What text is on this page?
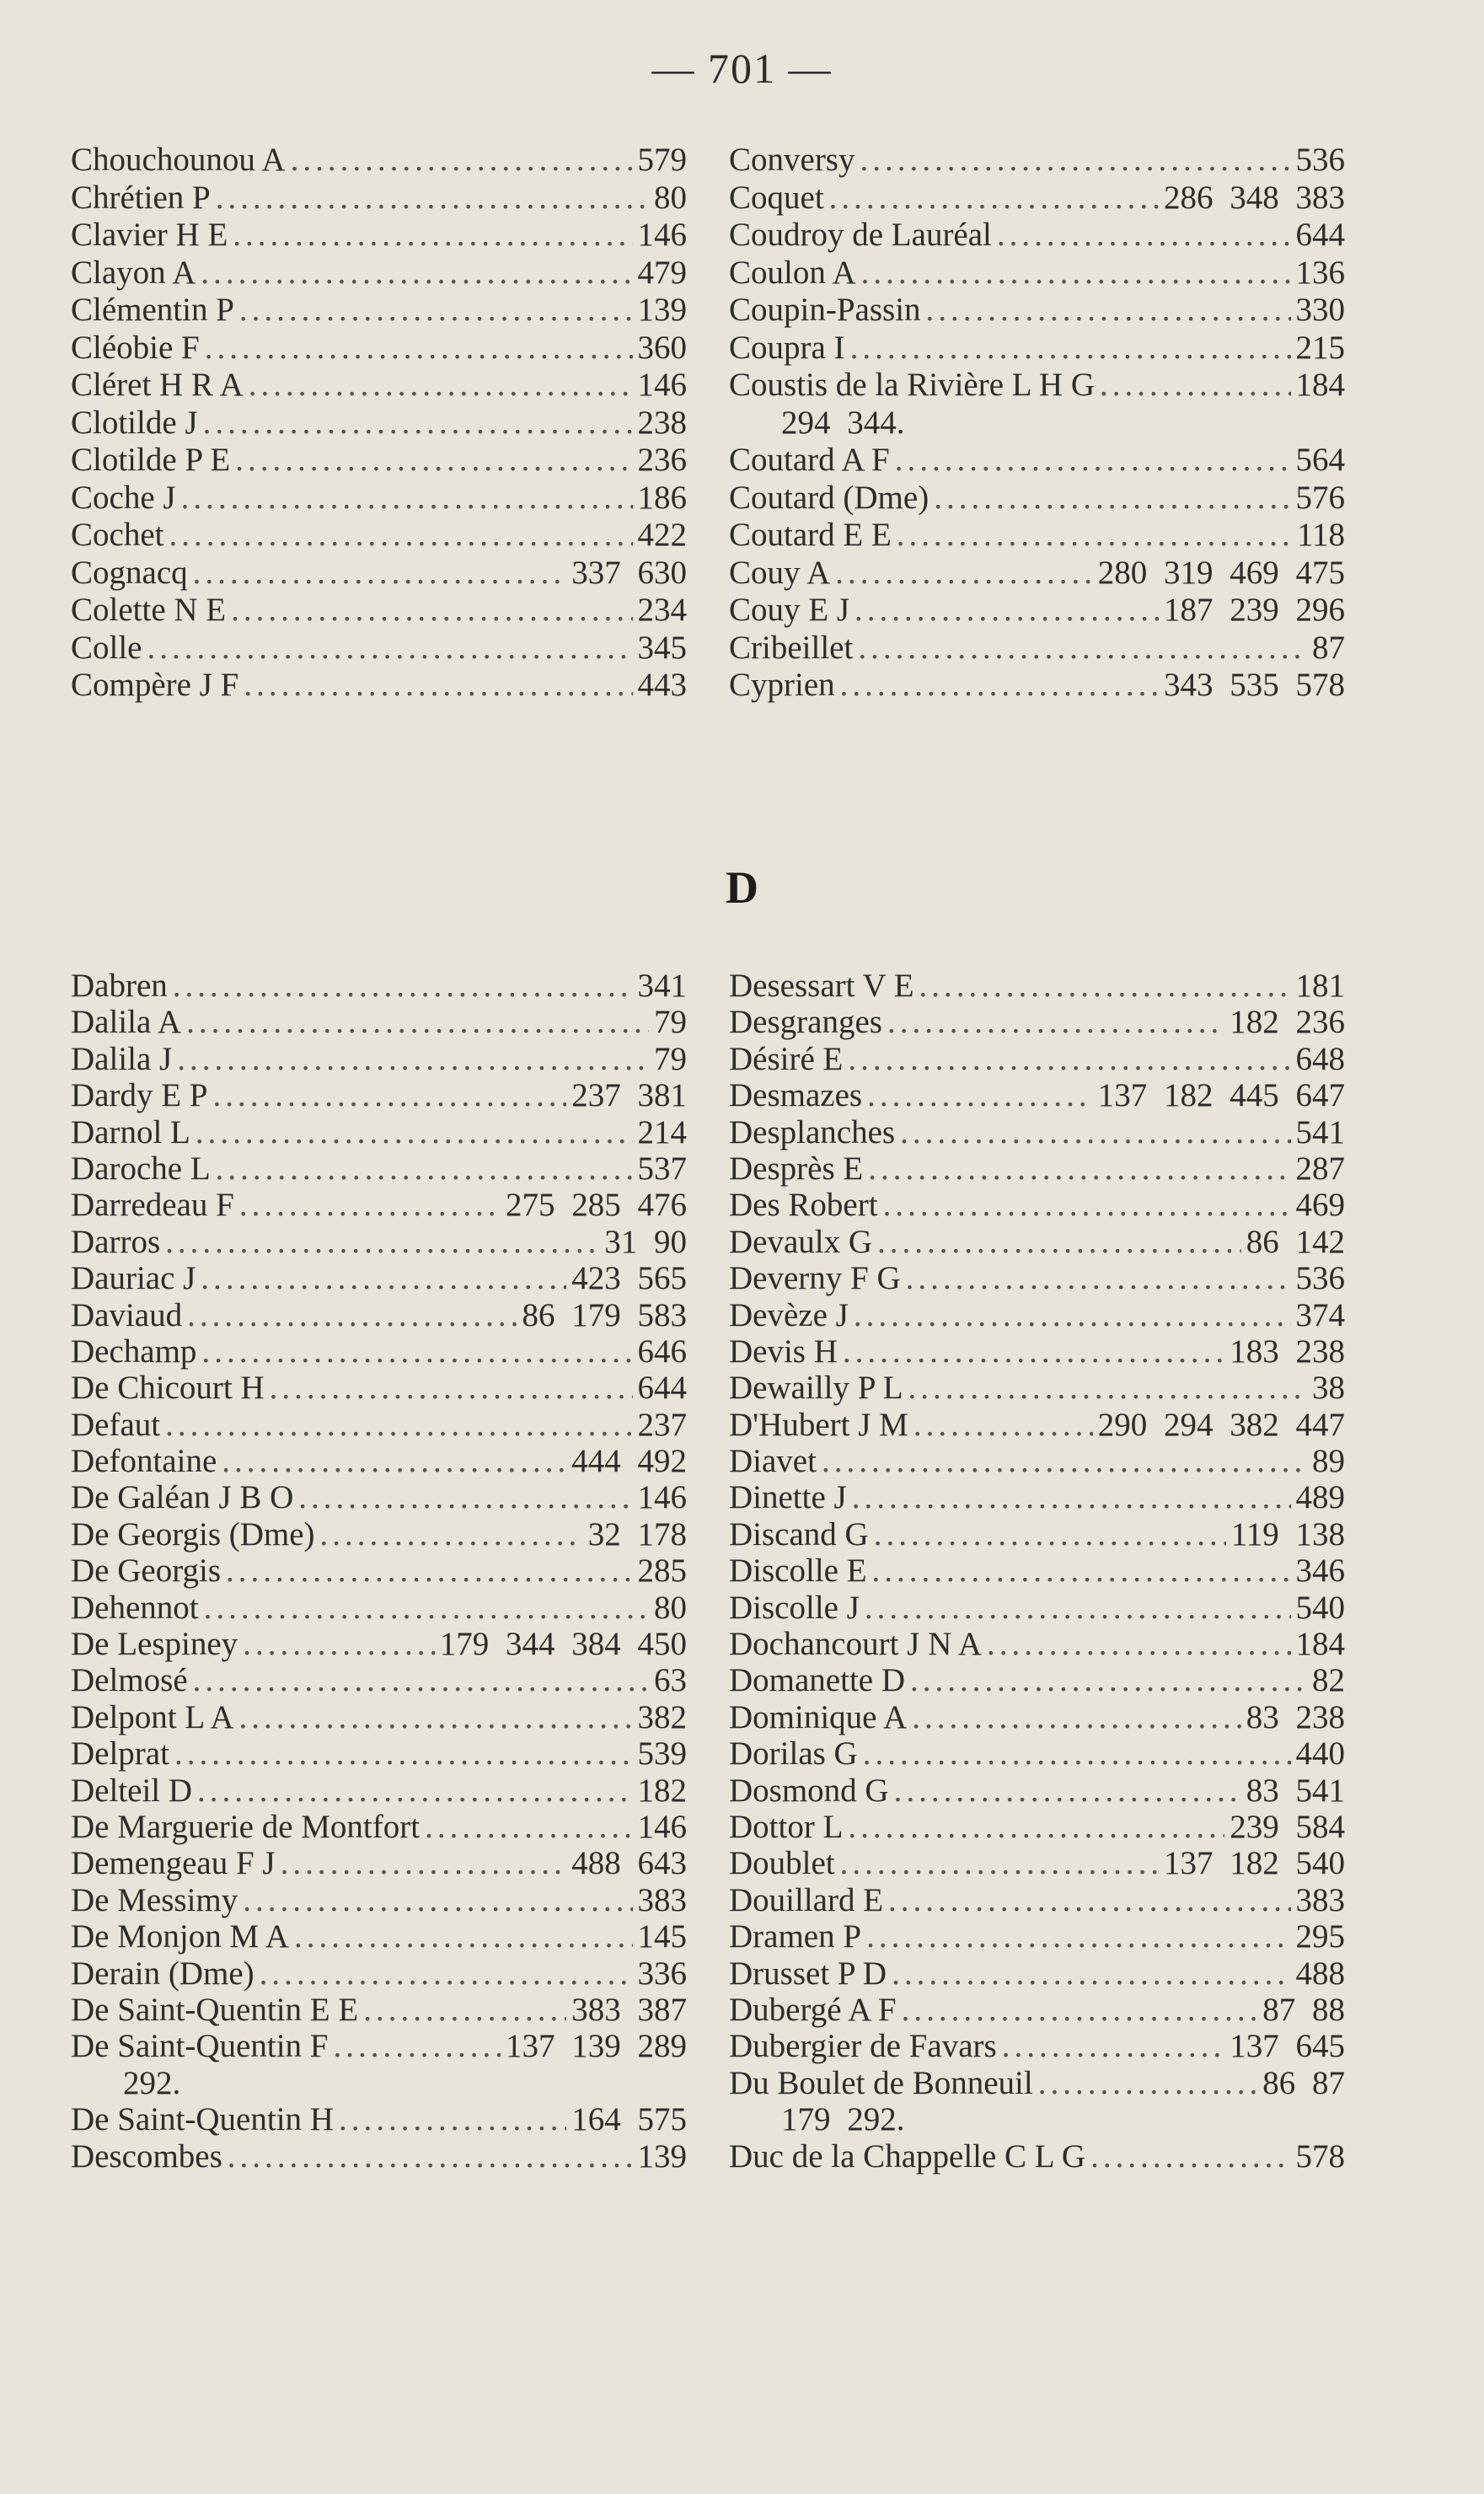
— 701 —
Chouchounou A .....	579
Chrétien P .....	80
Clavier H E .....	146
Clayon A .....	479
Clémentin P .....	139
Cléobie F .....	360
Cléret H R A .....	146
Clotilde J .....	238
Clotilde P E .....	236
Coche J .....	186
Cochet .....	422
Cognacq .....	337 630
Colette N E .....	234
Colle .....	345
Compère J F .....	443
Conversy .....	536
Coquet .....	286 348 383
Coudroy de Lauréal .....	644
Coulon A .....	136
Coupin-Passin .....	330
Coupra I .....	215
Coustis de la Rivière L H G .....	184
294 344.
Coutard A F .....	564
Coutard (Dme) .....	576
Coutard E E .....	118
Couy A .....	280 319 469 475
Couy E J .....	187 239 296
Cribeillet .....	87
Cyprien .....	343 535 578
D
Dabren .....	341
Dalila A .....	79
Dalila J .....	79
Dardy E P .....	237 381
Darnol L .....	214
Daroche L .....	537
Darredeau F .....	275 285 476
Darros .....	31 90
Dauriac J .....	423 565
Daviaud .....	86 179 583
Dechamp .....	646
De Chicourt H .....	644
Defaut .....	237
Defontaine .....	444 492
De Galéan J B O .....	146
De Georgis (Dme) .....	32 178
De Georgis .....	285
Dehennot .....	80
De Lespiney .....	179 344 384 450
Delmosé .....	63
Delpont L A .....	382
Delprat .....	539
Delteil D .....	182
De Marguerie de Montfort .....	146
Demengeau F J .....	488 643
De Messimy .....	383
De Monjon M A .....	145
Derain (Dme) .....	336
De Saint-Quentin E E .....	383 387
De Saint-Quentin F .....	137 139 289
292.
De Saint-Quentin H .....	164 575
Descombes .....	139
Desessart V E .....	181
Desgranges .....	182 236
Désiré E .....	648
Desmazes .....	137 182 445 647
Desplanches .....	541
Desprès E .....	287
Des Robert .....	469
Devaulx G .....	86 142
Deverny F G .....	536
Devèze J .....	374
Devis H .....	183 238
Dewailly P L .....	38
D'Hubert J M .....	290 294 382 447
Diavet .....	89
Dinette J .....	489
Discand G .....	119 138
Discolle E .....	346
Discolle J .....	540
Dochancourt J N A .....	184
Domanette D .....	82
Dominique A .....	83 238
Dorilas G .....	440
Dosmond G .....	83 541
Dottor L .....	239 584
Doublet .....	137 182 540
Douillard E .....	383
Dramen P .....	295
Drusset P D .....	488
Dubergé A F .....	87 88
Dubergier de Favars .....	137 645
Du Boulet de Bonneuil .....	86 87
179 292.
Duc de la Chappelle C L G .....	578
